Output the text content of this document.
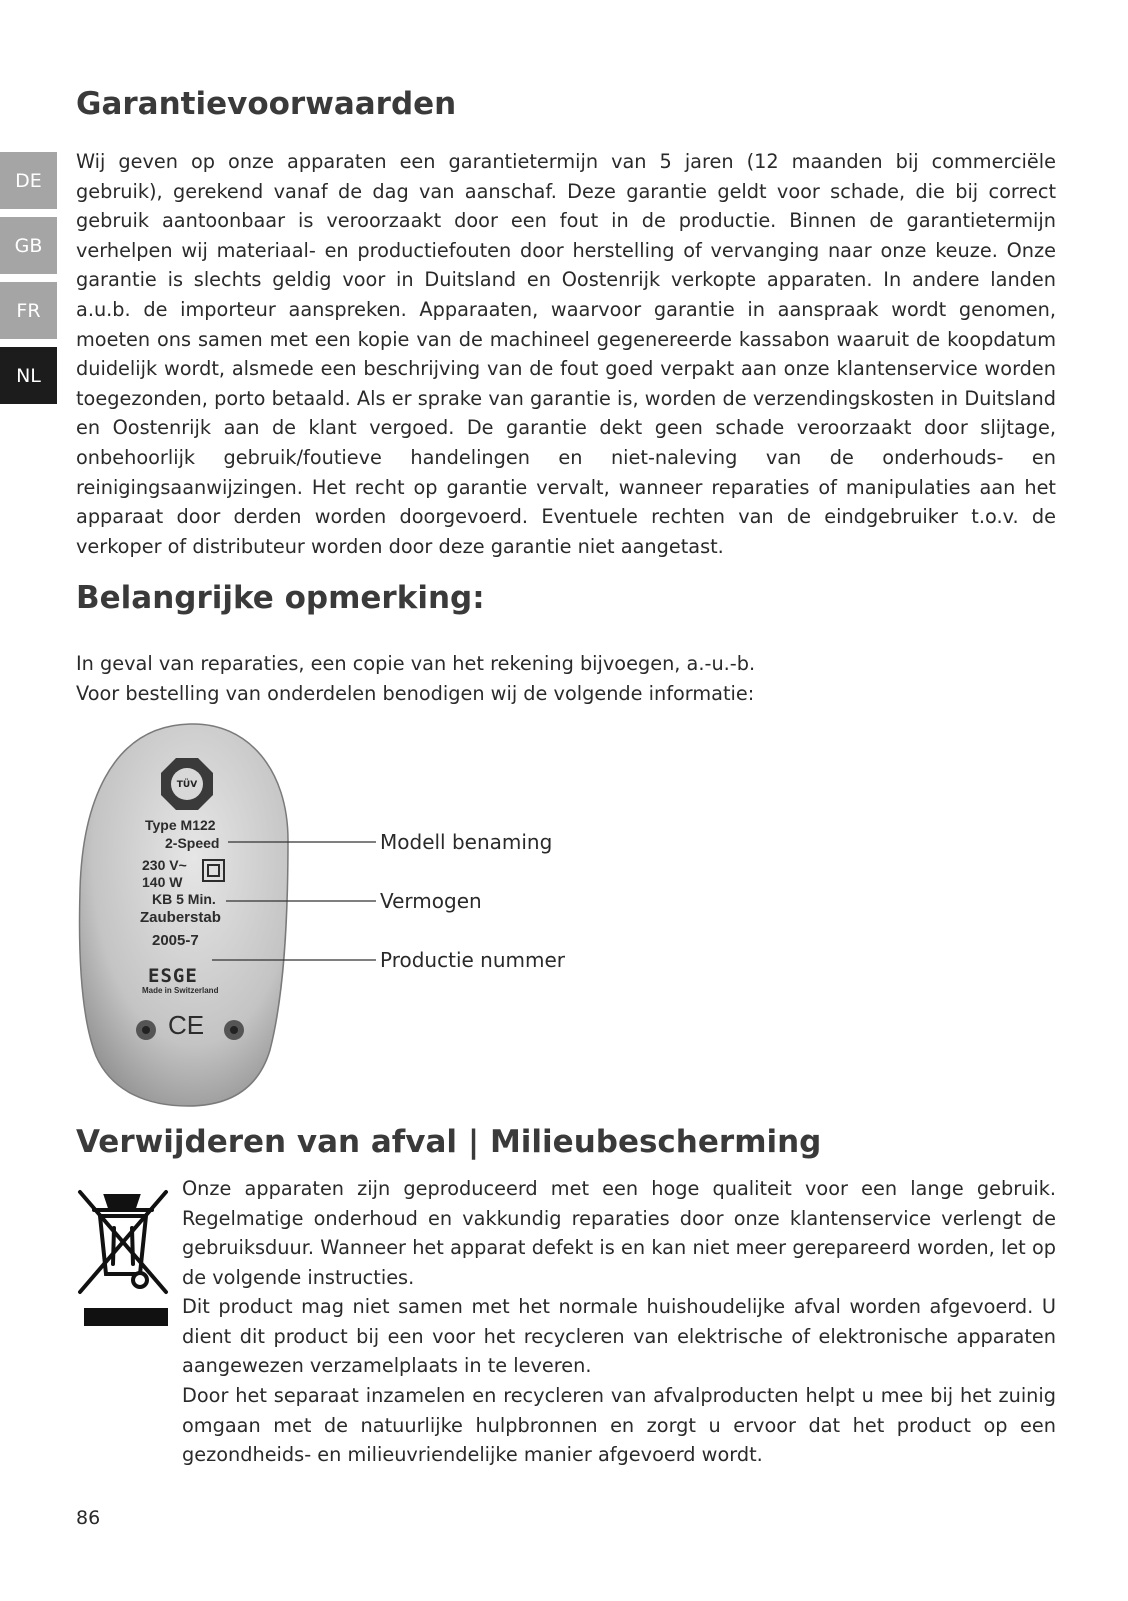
DE
GB
FR
NL
Garantievoorwaarden

Wij geven op onze apparaten een garantietermijn van 5 jaren (12 maanden bij commerciële gebruik), gerekend vanaf de dag van aanschaf. Deze garantie geldt voor schade, die bij correct gebruik aantoonbaar is veroorzaakt door een fout in de productie. Binnen de garantietermijn verhelpen wij materiaal- en productiefouten door herstelling of vervanging naar onze keuze. Onze garantie is slechts geldig voor in Duitsland en Oostenrijk verkopte apparaten. In andere landen a.u.b. de importeur aanspreken. Apparaaten, waarvoor garantie in aanspraak wordt genomen, moeten ons samen met een kopie van de machineel gegenereerde kassabon waaruit de koopdatum duidelijk wordt, alsmede een beschrijving van de fout goed verpakt aan onze klantenservice worden toegezonden, porto betaald. Als er sprake van garantie is, worden de verzendingskosten in Duitsland en Oostenrijk aan de klant vergoed. De garantie dekt geen schade veroorzaakt door slijtage, onbehoorlijk gebruik/foutieve handelingen en niet-naleving van de onderhouds- en reinigingsaanwijzingen. Het recht op garantie vervalt, wanneer reparaties of manipulaties aan het apparaat door derden worden doorgevoerd. Eventuele rechten van de eindgebruiker t.o.v. de verkoper of distributeur worden door deze garantie niet aangetast.

Belangrijke opmerking:

In geval van reparaties, een copie van het rekening bijvoegen, a.-u.-b.

Voor bestelling van onderdelen benodigen wij de volgende informatie:

TÜV
Type M122
2-Speed
230 V~
140 W
KB 5 Min.
Zauberstab
2005-7
ESGE
Made in Switzerland
CE
Modell benaming
Vermogen
Productie nummer
Verwijderen van afval | Milieubescherming

Onze apparaten zijn geproduceerd met een hoge qualiteit voor een lange gebruik. Regelmatige onderhoud en vakkundig reparaties door onze klantenservice verlengt de gebruiksduur. Wanneer het apparat defekt is en kan niet meer gerepareerd worden, let op de volgende instructies.

Dit product mag niet samen met het normale huishoudelijke afval worden afgevoerd. U dient dit product bij een voor het recycleren van elektrische of elektronische apparaten aangewezen verzamelplaats in te leveren.

Door het separaat inzamelen en recycleren van afvalproducten helpt u mee bij het zuinig omgaan met de natuurlijke hulpbronnen en zorgt u ervoor dat het product op een gezondheids- en milieuvriendelijke manier afgevoerd wordt.

86
